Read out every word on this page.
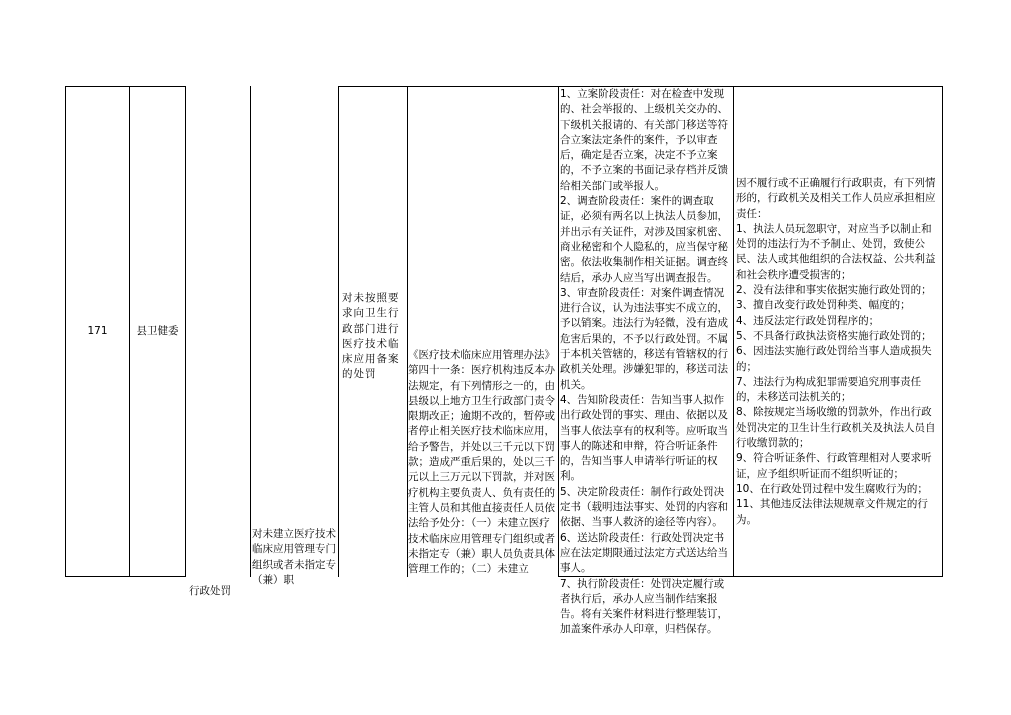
171	县卫健委
行政处罚
对未按照要求向卫生行政部门进行医疗技术临床应用备案的处罚
对未建立医疗技术临床应用管理专门组织或者未指定专（兼）职
《医疗技术临床应用管理办法》第四十一条：医疗机构违反本办法规定，有下列情形之一的，由县级以上地方卫生行政部门责令限期改正；逾期不改的，暂停或者停止相关医疗技术临床应用，给予警告，并处以三千元以下罚款；造成严重后果的，处以三千元以上三万元以下罚款，并对医疗机构主要负责人、负有责任的主管人员和其他直接责任人员依法给予处分：（一）未建立医疗技术临床应用管理专门组织或者未指定专（兼）职人员负责具体管理工作的；（二）未建立
1、立案阶段责任：对在检查中发现的、社会举报的、上级机关交办的、下级机关报请的、有关部门移送等符合立案法定条件的案件，予以审查后，确定是否立案，决定不予立案的，不予立案的书面记录存档并反馈给相关部门或举报人。
2、调查阶段责任：案件的调查取证，必须有两名以上执法人员参加，并出示有关证件，对涉及国家机密、商业秘密和个人隐私的，应当保守秘密。依法收集制作相关证据。调查终结后，承办人应当写出调查报告。
3、审查阶段责任：对案件调查情况进行合议，认为违法事实不成立的，予以销案。违法行为轻微，没有造成危害后果的，不予以行政处罚。不属于本机关管辖的，移送有管辖权的行政机关处理。涉嫌犯罪的，移送司法机关。
4、告知阶段责任：告知当事人拟作出行政处罚的事实、理由、依据以及当事人依法享有的权利等。应听取当事人的陈述和申辩，符合听证条件的，告知当事人申请举行听证的权利。
5、决定阶段责任：制作行政处罚决定书（载明违法事实、处罚的内容和依据、当事人救济的途径等内容）。
6、送达阶段责任：行政处罚决定书应在法定期限通过法定方式送达给当事人。
7、执行阶段责任：处罚决定履行或者执行后，承办人应当制作结案报告。将有关案件材料进行整理装订，加盖案件承办人印章，归档保存。
因不履行或不正确履行行政职责，有下列情形的，行政机关及相关工作人员应承担相应责任：
1、执法人员玩忽职守，对应当予以制止和处罚的违法行为不予制止、处罚，致使公民、法人或其他组织的合法权益、公共利益和社会秩序遭受损害的；
2、没有法律和事实依据实施行政处罚的；
3、擅自改变行政处罚种类、幅度的；
4、违反法定行政处罚程序的；
5、不具备行政执法资格实施行政处罚的；
6、因违法实施行政处罚给当事人造成损失的；
7、违法行为构成犯罪需要追究刑事责任的，未移送司法机关的；
8、除按规定当场收缴的罚款外，作出行政处罚决定的卫生计生行政机关及执法人员自行收缴罚款的；
9、符合听证条件、行政管理相对人要求听证，应予组织听证而不组织听证的；
10、在行政处罚过程中发生腐败行为的；
11、其他违反法律法规规章文件规定的行为。
